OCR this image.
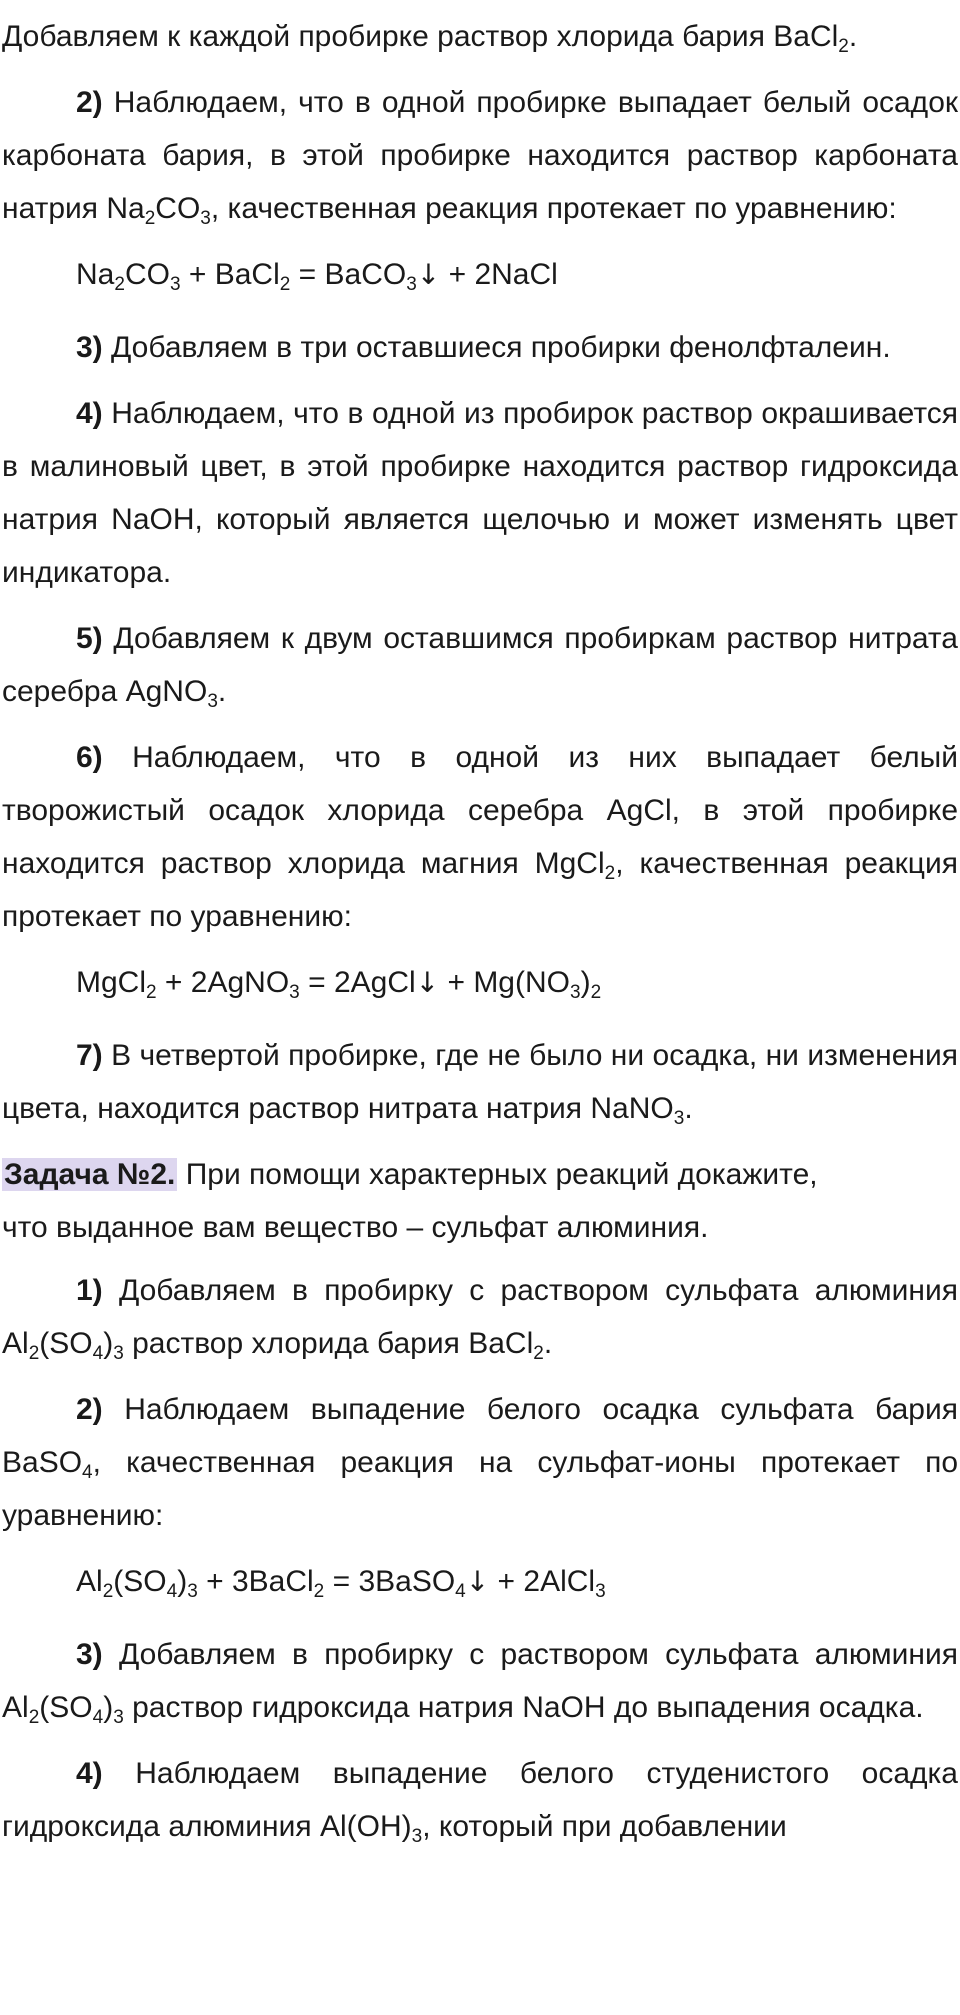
Добавляем к каждой пробирке раствор хлорида бария BaCl$_2$.

2) Наблюдаем, что в одной пробирке выпадает белый осадок карбоната бария, в этой пробирке находится раствор карбоната натрия $Na_2CO_3$, качественная реакция протекает по уравнению:

$Na_2CO_3$ + BaCl$_2$ = BaCO$_3$↓ + 2NaCl

3) Добавляем в три оставшиеся пробирки фенолфталеин.

4) Наблюдаем, что в одной из пробирок раствор окрашивается в малиновый цвет, в этой пробирке находится раствор гидроксида натрия NaOH, который является щелочью и может изменять цвет индикатора.

5) Добавляем к двум оставшимся пробиркам раствор нитрата серебра AgNO$_3$.

6) Наблюдаем, что в одной из них выпадает белый творожистый осадок хлорида серебра AgCl, в этой пробирке находится раствор хлорида магния MgCl$_2$, качественная реакция протекает по уравнению:

MgCl$_2$ + 2AgNO$_3$ = 2AgCl↓ + $Mg(NO_3)_2$

7) В четвертой пробирке, где не было ни осадка, ни изменения цвета, находится раствор нитрата натрия NaNO$_3$.

Задача №2. При помощи характерных реакций докажите,
что выданное вам вещество – сульфат алюминия.

1) Добавляем в пробирку с раствором сульфата алюминия $Al_2(SO_4)_3$ раствор хлорида бария BaCl$_2$.

2) Наблюдаем выпадение белого осадка сульфата бария BaSO$_4$, качественная реакция на сульфат-ионы протекает по уравнению:

$Al_2(SO_4)_3$ + 3BaCl$_2$ = 3BaSO$_4$↓ + 2AlCl$_3$

3) Добавляем в пробирку с раствором сульфата алюминия $Al_2(SO_4)_3$ раствор гидроксида натрия NaOH до выпадения осадка.

4) Наблюдаем выпадение белого студенистого осадка гидроксида алюминия $Al(OH)_3$, который при добавлении
